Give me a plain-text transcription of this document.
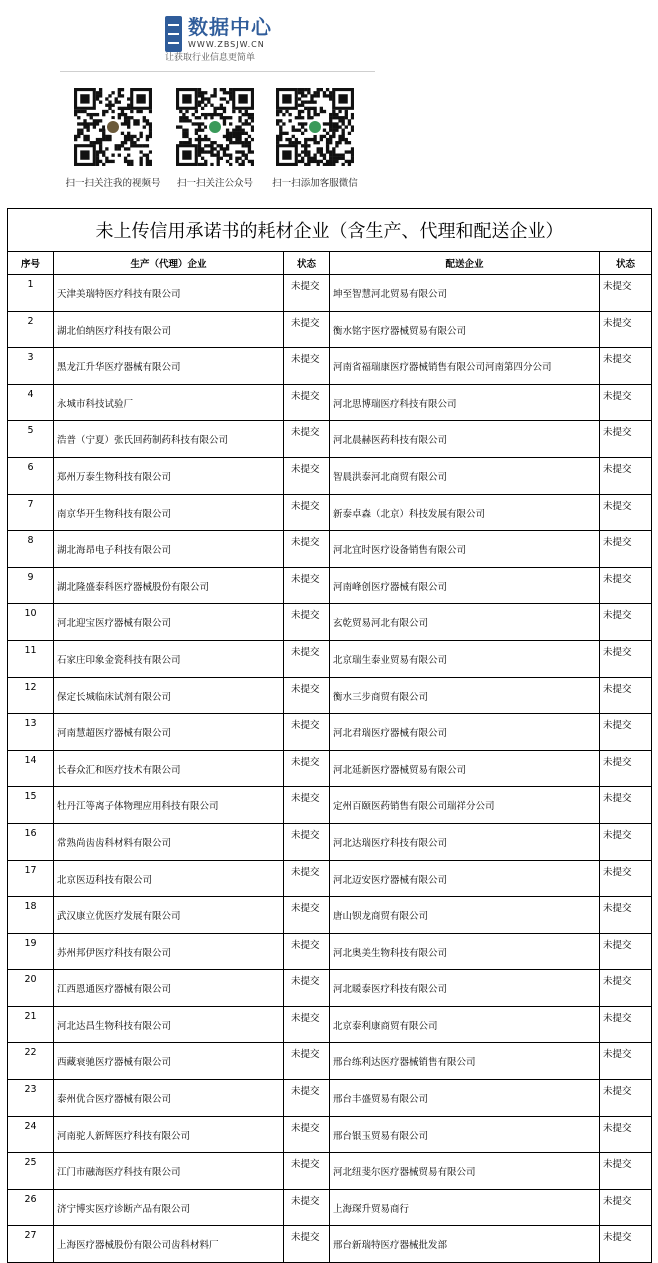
数据中心
WWW.ZBSJW.CN
让获取行业信息更简单
扫一扫关注我的视频号	扫一扫关注公众号	扫一扫添加客服微信
未上传信用承诺书的耗材企业（含生产、代理和配送企业）				
序号	生产（代理）企业	状态	配送企业	状态
1	天津美瑞特医疗科技有限公司	未提交	坤至智慧河北贸易有限公司	未提交
2	湖北伯纳医疗科技有限公司	未提交	衡水铭宇医疗器械贸易有限公司	未提交
3	黑龙江升华医疗器械有限公司	未提交	河南省福瑞康医疗器械销售有限公司河南第四分公司	未提交
4	永城市科技试验厂	未提交	河北思博瑞医疗科技有限公司	未提交
5	浩普（宁夏）张氏回药制药科技有限公司	未提交	河北晨赫医药科技有限公司	未提交
6	郑州万泰生物科技有限公司	未提交	智晨洪泰河北商贸有限公司	未提交
7	南京华开生物科技有限公司	未提交	新泰卓森（北京）科技发展有限公司	未提交
8	湖北海昂电子科技有限公司	未提交	河北宜时医疗设备销售有限公司	未提交
9	湖北隆盛泰科医疗器械股份有限公司	未提交	河南峰创医疗器械有限公司	未提交
10	河北迎宝医疗器械有限公司	未提交	玄乾贸易河北有限公司	未提交
11	石家庄印象金瓷科技有限公司	未提交	北京瑞生泰业贸易有限公司	未提交
12	保定长城临床试剂有限公司	未提交	衡水三步商贸有限公司	未提交
13	河南慧超医疗器械有限公司	未提交	河北君瑞医疗器械有限公司	未提交
14	长春众汇和医疗技术有限公司	未提交	河北延新医疗器械贸易有限公司	未提交
15	牡丹江等离子体物理应用科技有限公司	未提交	定州百颐医药销售有限公司瑞祥分公司	未提交
16	常熟尚齿齿科材料有限公司	未提交	河北达瑞医疗科技有限公司	未提交
17	北京医迈科技有限公司	未提交	河北迈安医疗器械有限公司	未提交
18	武汉康立优医疗发展有限公司	未提交	唐山钡龙商贸有限公司	未提交
19	苏州邦伊医疗科技有限公司	未提交	河北奥美生物科技有限公司	未提交
20	江西恩通医疗器械有限公司	未提交	河北暖泰医疗科技有限公司	未提交
21	河北达昌生物科技有限公司	未提交	北京泰利康商贸有限公司	未提交
22	西藏衰驰医疗器械有限公司	未提交	邢台练利达医疗器械销售有限公司	未提交
23	泰州优合医疗器械有限公司	未提交	邢台丰盛贸易有限公司	未提交
24	河南驼人新辉医疗科技有限公司	未提交	邢台银玉贸易有限公司	未提交
25	江门市融海医疗科技有限公司	未提交	河北纽斐尔医疗器械贸易有限公司	未提交
26	济宁博实医疗诊断产品有限公司	未提交	上海琛升贸易商行	未提交
27	上海医疗器械股份有限公司齿科材料厂	未提交	邢台新瑞特医疗器械批发部	未提交
